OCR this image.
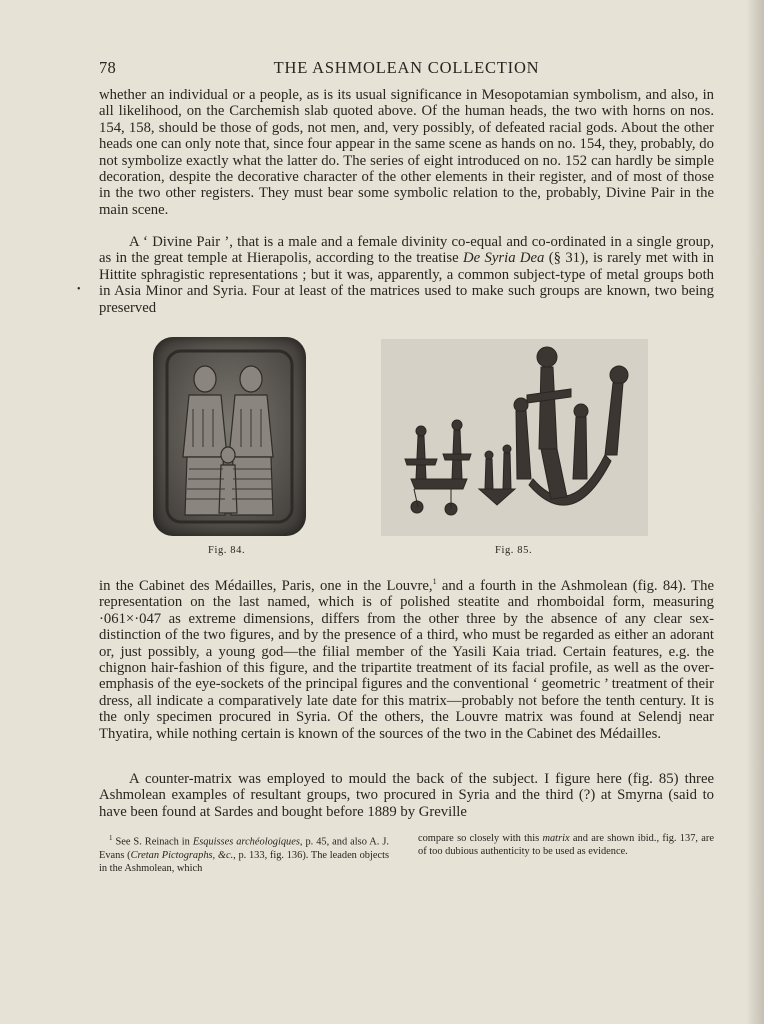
78	THE ASHMOLEAN COLLECTION

whether an individual or a people, as is its usual significance in Mesopotamian symbolism, and also, in all likelihood, on the Carchemish slab quoted above. Of the human heads, the two with horns on nos. 154, 158, should be those of gods, not men, and, very possibly, of defeated racial gods. About the other heads one can only note that, since four appear in the same scene as hands on no. 154, they, probably, do not symbolize exactly what the latter do. The series of eight introduced on no. 152 can hardly be simple decoration, despite the decorative character of the other elements in their register, and of most of those in the two other registers. They must bear some symbolic relation to the, probably, Divine Pair in the main scene.

A ‘ Divine Pair ’, that is a male and a female divinity co-equal and co-ordinated in a single group, as in the great temple at Hierapolis, according to the treatise De Syria Dea (§ 31), is rarely met with in Hittite sphragistic representations ; but it was, apparently, a common subject-type of metal groups both in Asia Minor and Syria. Four at least of the matrices used to make such groups are known, two being preserved

•
Fig. 84.	Fig. 85.

in the Cabinet des Médailles, Paris, one in the Louvre,$^1$ and a fourth in the Ashmolean (fig. 84). The representation on the last named, which is of polished steatite and rhomboidal form, measuring ·061×·047 as extreme dimensions, differs from the other three by the absence of any clear sex-distinction of the two figures, and by the presence of a third, who must be regarded as either an adorant or, just possibly, a young god—the filial member of the Yasili Kaia triad. Certain features, e.g. the chignon hair-fashion of this figure, and the tripartite treatment of its facial profile, as well as the over-emphasis of the eye-sockets of the principal figures and the conventional ‘ geometric ’ treatment of their dress, all indicate a comparatively late date for this matrix—probably not before the tenth century. It is the only specimen procured in Syria. Of the others, the Louvre matrix was found at Selendj near Thyatira, while nothing certain is known of the sources of the two in the Cabinet des Médailles.

A counter-matrix was employed to mould the back of the subject. I figure here (fig. 85) three Ashmolean examples of resultant groups, two procured in Syria and the third (?) at Smyrna (said to have been found at Sardes and bought before 1889 by Greville

$^1$ See S. Reinach in Esquisses archéologiques, p. 45, and also A. J. Evans (Cretan Pictographs, &c., p. 133, fig. 136). The leaden objects in the Ashmolean, which
compare so closely with this matrix and are shown ibid., fig. 137, are of too dubious authenticity to be used as evidence.
